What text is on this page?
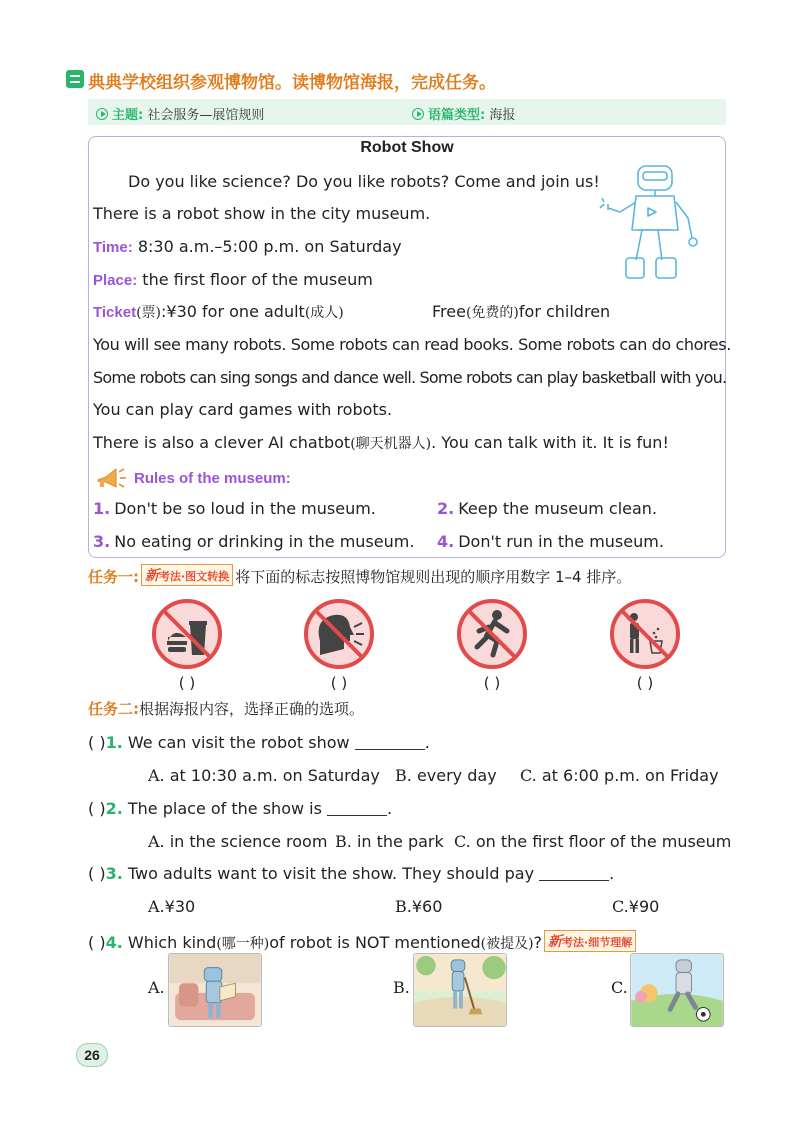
典典学校组织参观博物馆。读博物馆海报，完成任务。
主题: 社会服务—展馆规则	语篇类型: 海报
Robot Show
Do you like science? Do you like robots? Come and join us!
There is a robot show in the city museum.
Time: 8:30 a.m.–5:00 p.m. on Saturday
Place: the first floor of the museum
Ticket(票):¥30 for one adult(成人)	Free(免费的)for children
You will see many robots. Some robots can read books. Some robots can do chores.
Some robots can sing songs and dance well. Some robots can play basketball with you.
You can play card games with robots.
There is also a clever AI chatbot(聊天机器人). You can talk with it. It is fun!
Rules of the museum:
1. Don't be so loud in the museum.	2. Keep the museum clean.
3. No eating or drinking in the museum. 4. Don't run in the museum.
任务一: 新考法·图文转换 将下面的标志按照博物馆规则出现的顺序用数字 1–4 排序。
( )	( )	( )	( )
任务二:根据海报内容，选择正确的选项。
( )1. We can visit the robot show	.
A. at 10:30 a.m. on Saturday B. every day C. at 6:00 p.m. on Friday
( )2. The place of the show is	.
A. in the science room B. in the park C. on the first floor of the museum
( )3. Two adults want to visit the show. They should pay	.
A.¥30	B.¥60	C.¥90
( )4. Which kind(哪一种)of robot is NOT mentioned(被提及)? 新考法·细节理解
A.	B.	C.
26
